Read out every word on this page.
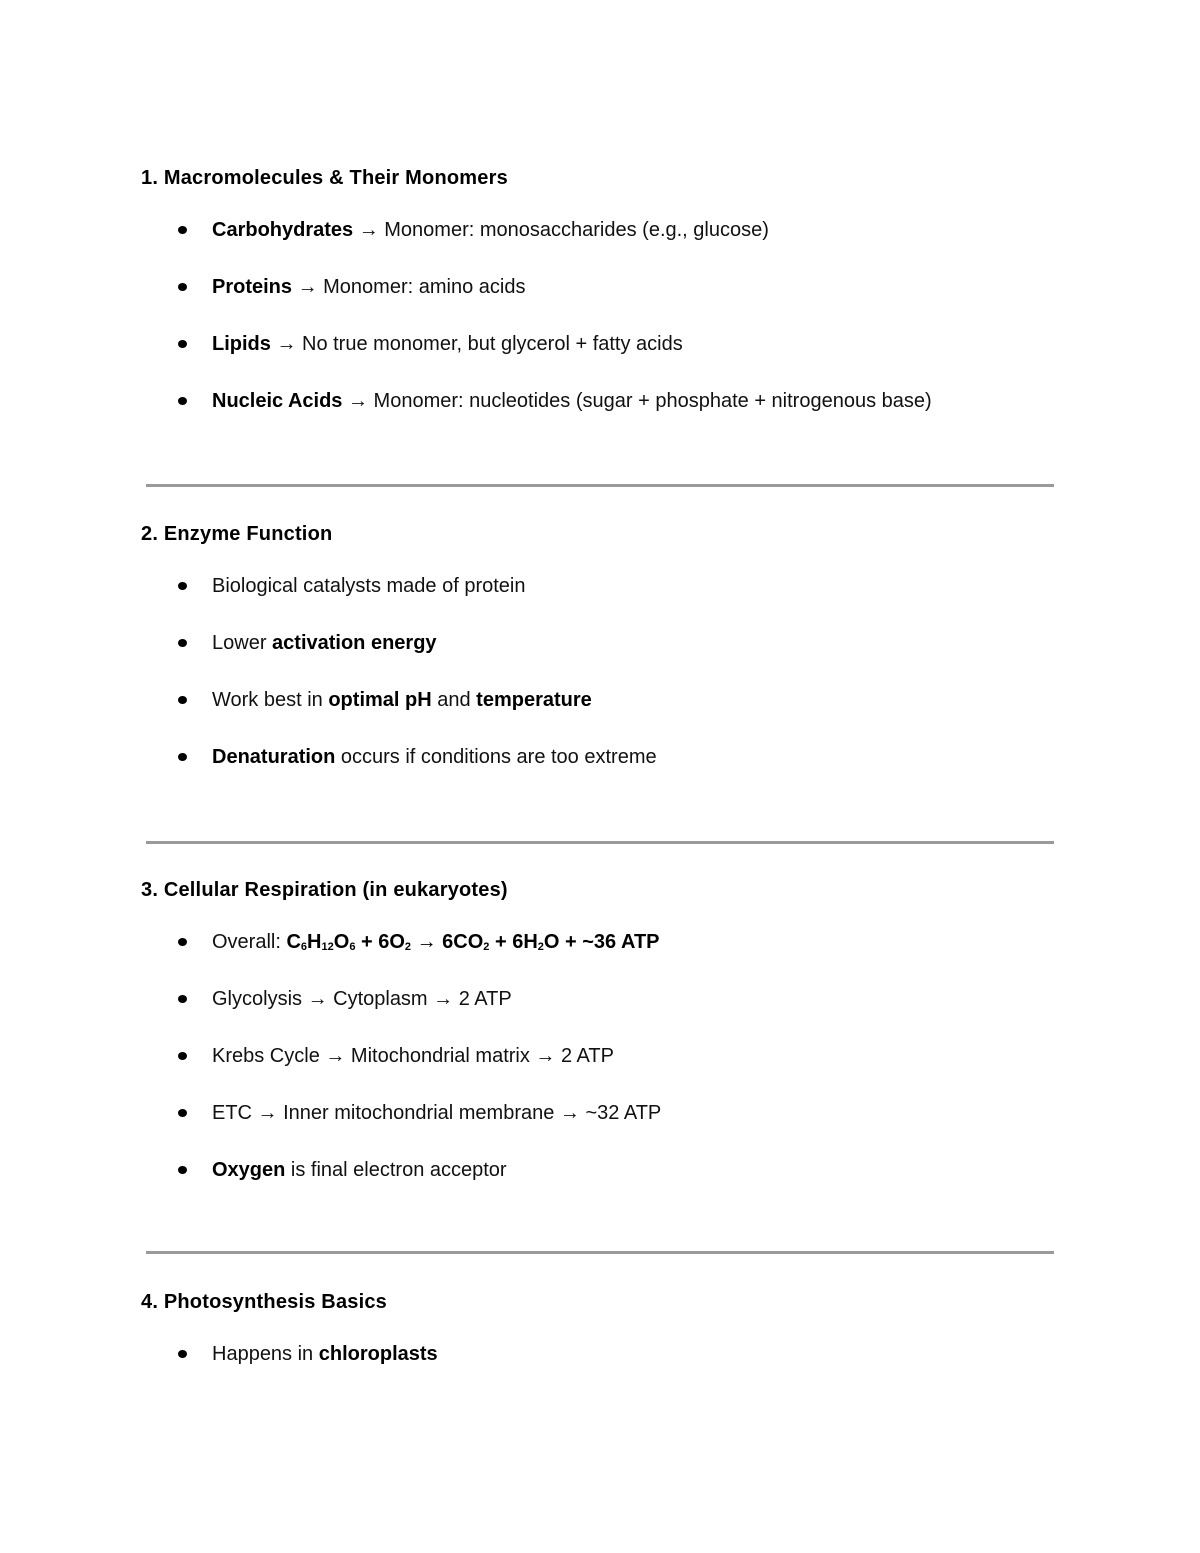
1. Macromolecules & Their Monomers
Carbohydrates → Monomer: monosaccharides (e.g., glucose)
Proteins → Monomer: amino acids
Lipids → No true monomer, but glycerol + fatty acids
Nucleic Acids → Monomer: nucleotides (sugar + phosphate + nitrogenous base)
2. Enzyme Function
Biological catalysts made of protein
Lower activation energy
Work best in optimal pH and temperature
Denaturation occurs if conditions are too extreme
3. Cellular Respiration (in eukaryotes)
Overall: C6H12O6 + 6O2 → 6CO2 + 6H2O + ~36 ATP
Glycolysis → Cytoplasm → 2 ATP
Krebs Cycle → Mitochondrial matrix → 2 ATP
ETC → Inner mitochondrial membrane → ~32 ATP
Oxygen is final electron acceptor
4. Photosynthesis Basics
Happens in chloroplasts
